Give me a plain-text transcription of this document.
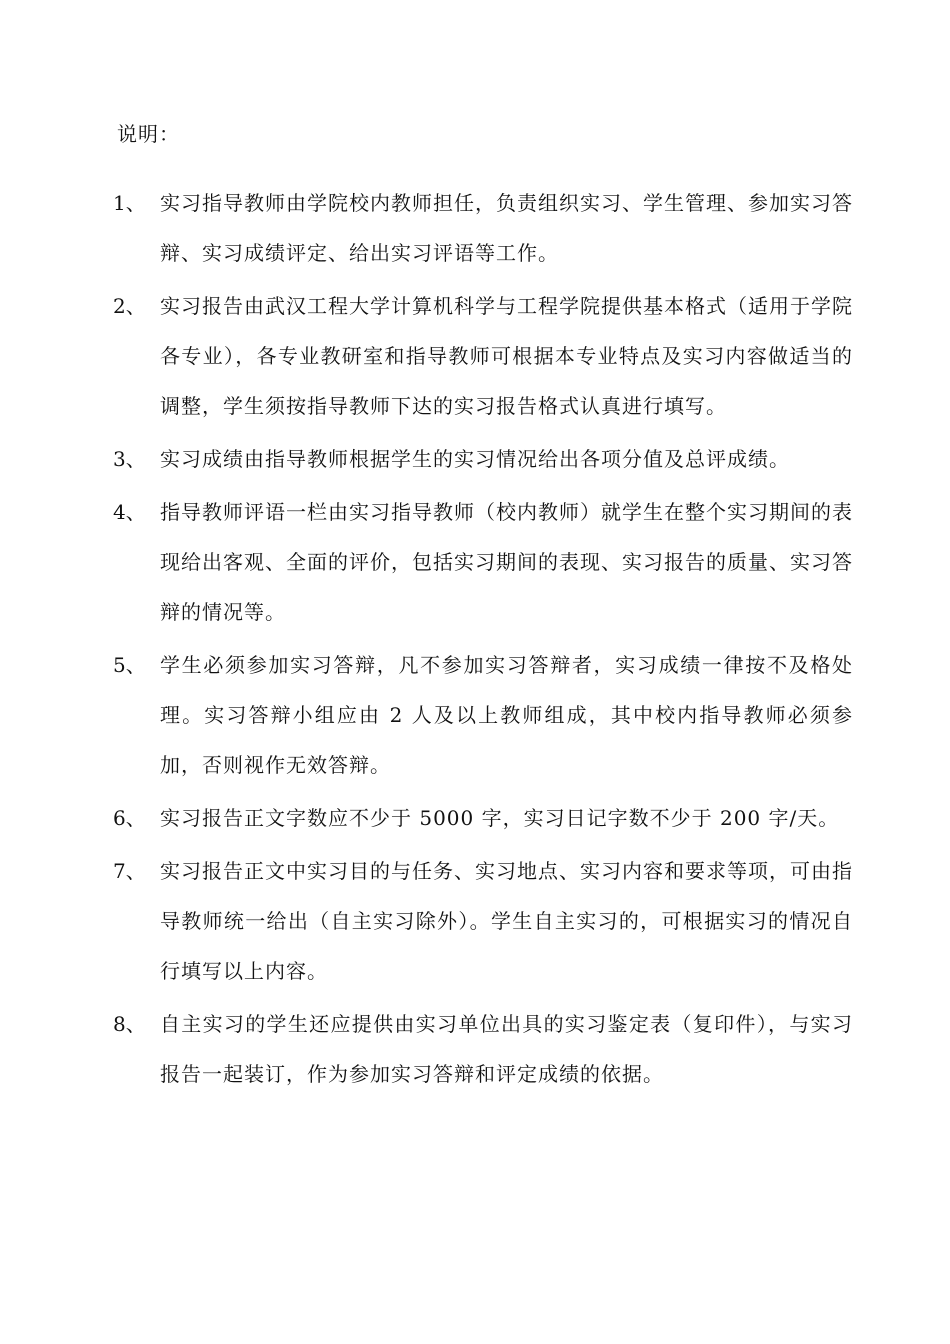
说明：
1、 实习指导教师由学院校内教师担任，负责组织实习、学生管理、参加实习答辩、实习成绩评定、给出实习评语等工作。
2、 实习报告由武汉工程大学计算机科学与工程学院提供基本格式（适用于学院各专业），各专业教研室和指导教师可根据本专业特点及实习内容做适当的调整，学生须按指导教师下达的实习报告格式认真进行填写。
3、 实习成绩由指导教师根据学生的实习情况给出各项分值及总评成绩。
4、 指导教师评语一栏由实习指导教师（校内教师）就学生在整个实习期间的表现给出客观、全面的评价，包括实习期间的表现、实习报告的质量、实习答辩的情况等。
5、 学生必须参加实习答辩，凡不参加实习答辩者，实习成绩一律按不及格处理。实习答辩小组应由 2 人及以上教师组成，其中校内指导教师必须参加，否则视作无效答辩。
6、 实习报告正文字数应不少于 5000 字，实习日记字数不少于 200 字/天。
7、 实习报告正文中实习目的与任务、实习地点、实习内容和要求等项，可由指导教师统一给出（自主实习除外）。学生自主实习的，可根据实习的情况自行填写以上内容。
8、 自主实习的学生还应提供由实习单位出具的实习鉴定表（复印件），与实习报告一起装订，作为参加实习答辩和评定成绩的依据。
